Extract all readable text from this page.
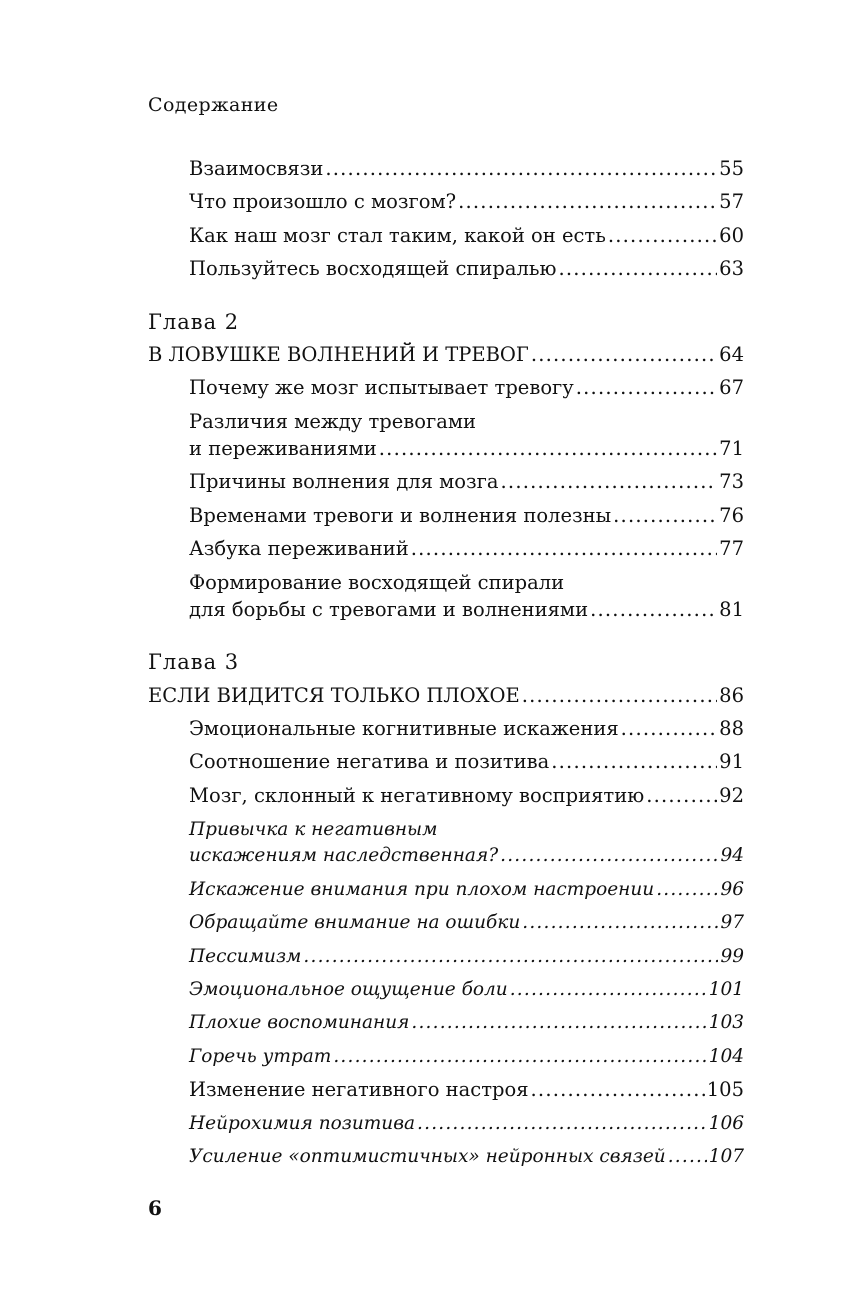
Содержание
Взаимосвязи .....	55
Что произошло с мозгом? .....	57
Как наш мозг стал таким, какой он есть .....	60
Пользуйтесь восходящей спиралью .....	63
Глава 2
В ЛОВУШКЕ ВОЛНЕНИЙ И ТРЕВОГ .....	64
Почему же мозг испытывает тревогу .....	67
Различия между тревогами
и переживаниями .....	71
Причины волнения для мозга .....	73
Временами тревоги и волнения полезны .....	76
Азбука переживаний .....	77
Формирование восходящей спирали
для борьбы с тревогами и волнениями .....	81
Глава 3
ЕСЛИ ВИДИТСЯ ТОЛЬКО ПЛОХОЕ .....	86
Эмоциональные когнитивные искажения .....	88
Соотношение негатива и позитива .....	91
Мозг, склонный к негативному восприятию .....	92
Привычка к негативным
искажениям наследственная? .....	94
Искажение внимания при плохом настроении .....	96
Обращайте внимание на ошибки .....	97
Пессимизм .....	99
Эмоциональное ощущение боли .....	101
Плохие воспоминания .....	103
Горечь утрат .....	104
Изменение негативного настроя .....	105
Нейрохимия позитива .....	106
Усиление «оптимистичных» нейронных связей ..... 107
6
